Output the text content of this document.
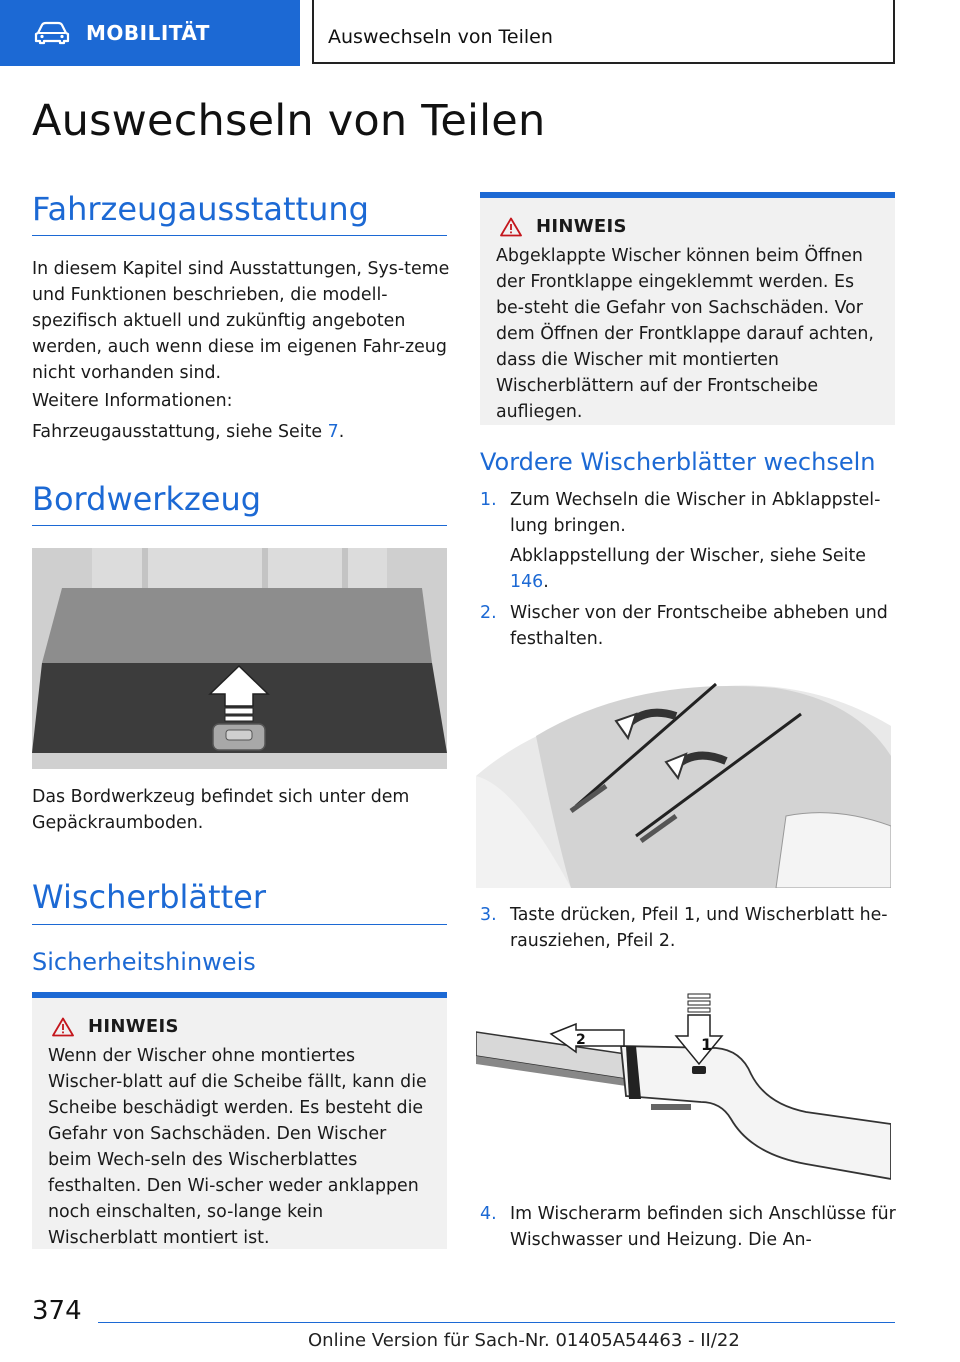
MOBILITÄT	Auswechseln von Teilen
Auswechseln von Teilen
Fahrzeugausstattung
In diesem Kapitel sind Ausstattungen, Sys-teme und Funktionen beschrieben, die modell-spezifisch aktuell und zukünftig angeboten werden, auch wenn diese im eigenen Fahr-zeug nicht vorhanden sind.
Weitere Informationen:
Fahrzeugausstattung, siehe Seite 7.
Bordwerkzeug
Das Bordwerkzeug befindet sich unter dem Gepäckraumboden.
Wischerblätter
Sicherheitshinweis
HINWEIS
Wenn der Wischer ohne montiertes Wischer-blatt auf die Scheibe fällt, kann die Scheibe beschädigt werden. Es besteht die Gefahr von Sachschäden. Den Wischer beim Wech-seln des Wischerblattes festhalten. Den Wi-scher weder anklappen noch einschalten, so-lange kein Wischerblatt montiert ist.
HINWEIS
Abgeklappte Wischer können beim Öffnen der Frontklappe eingeklemmt werden. Es be-steht die Gefahr von Sachschäden. Vor dem Öffnen der Frontklappe darauf achten, dass die Wischer mit montierten Wischerblättern auf der Frontscheibe aufliegen.
Vordere Wischerblätter wechseln
1. Zum Wechseln die Wischer in Abklappstel-lung bringen.
Abklappstellung der Wischer, siehe Seite 146.
2. Wischer von der Frontscheibe abheben und festhalten.
3. Taste drücken, Pfeil 1, und Wischerblatt he-rausziehen, Pfeil 2.
1
2
4. Im Wischerarm befinden sich Anschlüsse für Wischwasser und Heizung. Die An-
374
Online Version für Sach-Nr. 01405A54463 - II/22
